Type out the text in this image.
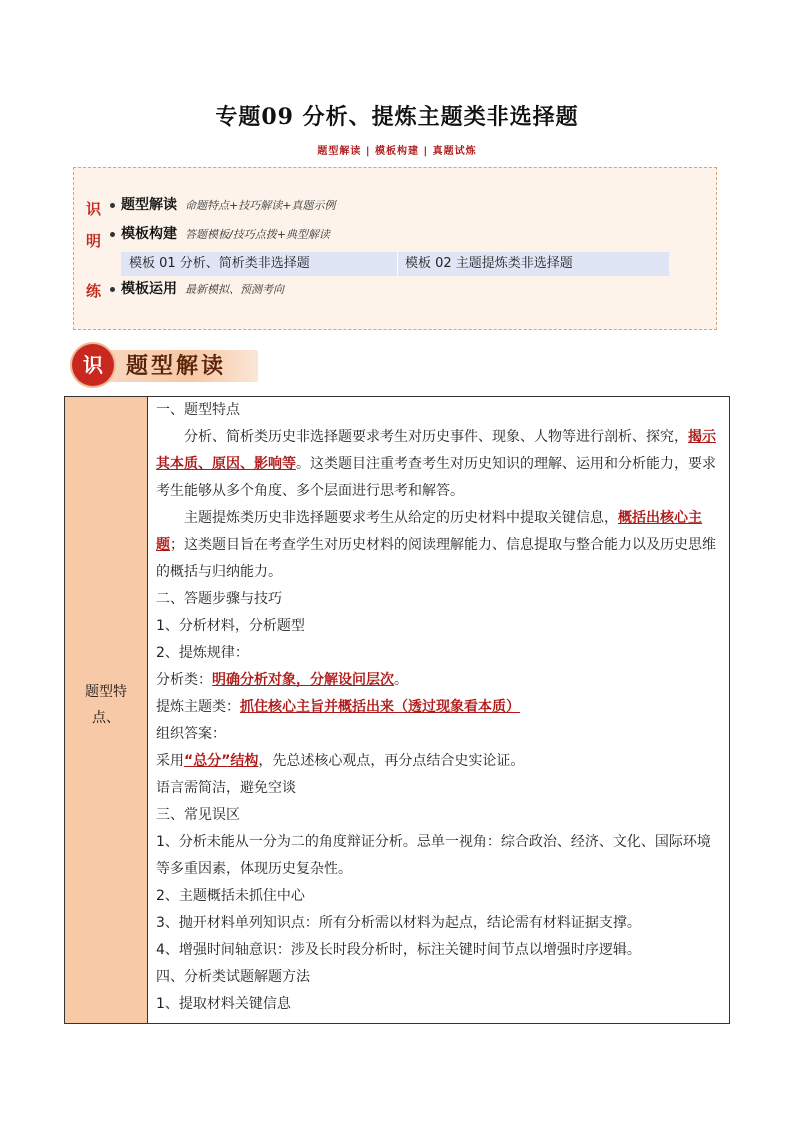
专题09 分析、提炼主题类非选择题
题型解读 | 模板构建 | 真题试炼
识
明
练
题型解读 命题特点+技巧解读+真题示例
模板构建 答题模板/技巧点拨+典型解读
模板 01 分析、简析类非选择题	模板 02 主题提炼类非选择题
模板运用 最新模拟、预测考向
识	题型解读
题型特
点、

一、题型特点

分析、简析类历史非选择题要求考生对历史事件、现象、人物等进行剖析、探究，揭示其本质、原因、影响等。这类题目注重考查考生对历史知识的理解、运用和分析能力，要求考生能够从多个角度、多个层面进行思考和解答。

主题提炼类历史非选择题要求考生从给定的历史材料中提取关键信息，概括出核心主题；这类题目旨在考查学生对历史材料的阅读理解能力、信息提取与整合能力以及历史思维的概括与归纳能力。

二、答题步骤与技巧

1、分析材料，分析题型

2、提炼规律：

分析类：明确分析对象，分解设问层次。

提炼主题类：抓住核心主旨并概括出来（透过现象看本质）

组织答案：

采用“总分”结构，先总述核心观点，再分点结合史实论证。

语言需简洁，避免空谈

三、常见误区

1、分析未能从一分为二的角度辩证分析。忌单一视角：综合政治、经济、文化、国际环境等多重因素，体现历史复杂性。

2、主题概括未抓住中心

3、抛开材料单列知识点：所有分析需以材料为起点，结论需有材料证据支撑。

4、增强时间轴意识：涉及长时段分析时，标注关键时间节点以增强时序逻辑。

四、分析类试题解题方法

1、提取材料关键信息
